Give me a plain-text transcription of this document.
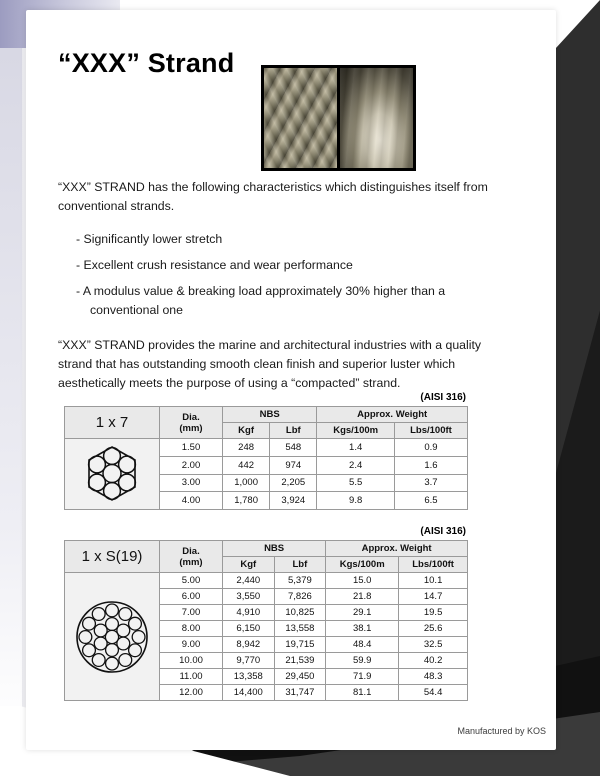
“XXX” Strand

“XXX” STRAND has the following characteristics which distinguishes itself from conventional strands.

- Significantly lower stretch
- Excellent crush resistance and wear performance
- A modulus value & breaking load approximately 30% higher than a
conventional one

“XXX” STRAND provides the marine and architectural industries with a quality strand that has outstanding smooth clean finish and superior luster which aesthetically meets the purpose of using a “compacted” strand.

(AISI 316)
1 x 7	Dia.
(mm)	NBS		Approx. Weight	
		Kgf	Lbf	Kgs/100m	Lbs/100ft

	1.50	248	548	1.4	0.9
	2.00	442	974	2.4	1.6
	3.00	1,000	2,205	5.5	3.7
	4.00	1,780	3,924	9.8	6.5
(AISI 316)
1 x S(19)	Dia.
(mm)	NBS		Approx. Weight	
		Kgf	Lbf	Kgs/100m	Lbs/100ft

	5.00	2,440	5,379	15.0	10.1
	6.00	3,550	7,826	21.8	14.7
	7.00	4,910	10,825	29.1	19.5
	8.00	6,150	13,558	38.1	25.6
	9.00	8,942	19,715	48.4	32.5
	10.00	9,770	21,539	59.9	40.2
	11.00	13,358	29,450	71.9	48.3
	12.00	14,400	31,747	81.1	54.4
Manufactured by KOS
